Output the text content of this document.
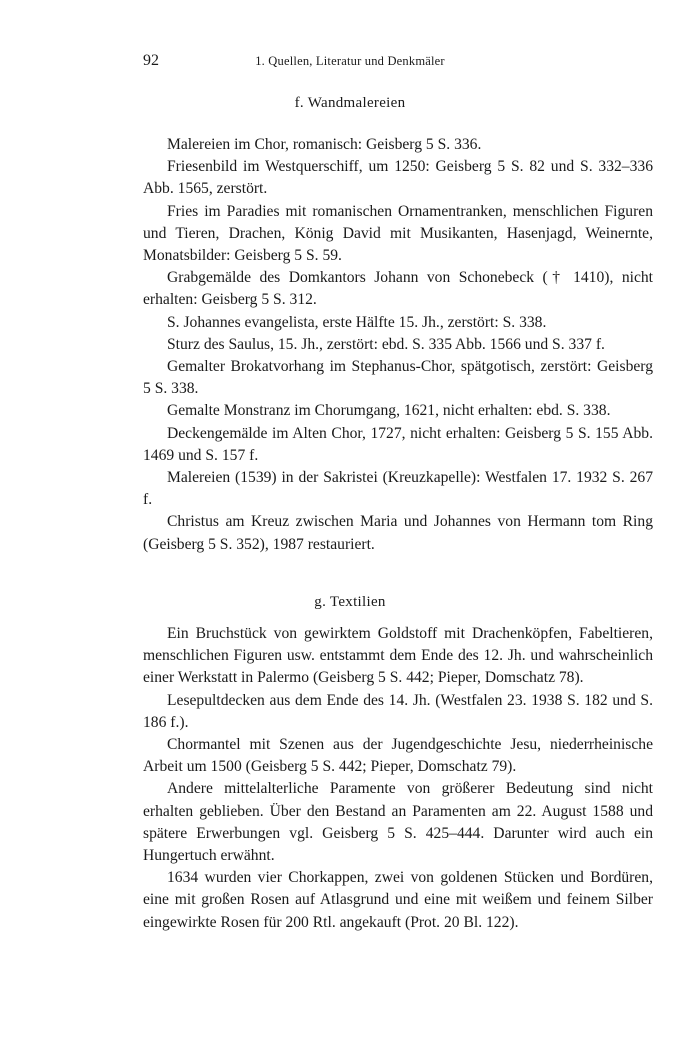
92	1. Quellen, Literatur und Denkmäler
f. Wandmalereien

Malereien im Chor, romanisch: Geisberg 5 S. 336.

Friesenbild im Westquerschiff, um 1250: Geisberg 5 S. 82 und S. 332–336 Abb. 1565, zerstört.

Fries im Paradies mit romanischen Ornamentranken, menschlichen Figuren und Tieren, Drachen, König David mit Musikanten, Hasenjagd, Weinernte, Monatsbilder: Geisberg 5 S. 59.

Grabgemälde des Domkantors Johann von Schonebeck († 1410), nicht erhalten: Geisberg 5 S. 312.

S. Johannes evangelista, erste Hälfte 15. Jh., zerstört: S. 338.

Sturz des Saulus, 15. Jh., zerstört: ebd. S. 335 Abb. 1566 und S. 337 f.

Gemalter Brokatvorhang im Stephanus-Chor, spätgotisch, zerstört: Geisberg 5 S. 338.

Gemalte Monstranz im Chorumgang, 1621, nicht erhalten: ebd. S. 338.

Deckengemälde im Alten Chor, 1727, nicht erhalten: Geisberg 5 S. 155 Abb. 1469 und S. 157 f.

Malereien (1539) in der Sakristei (Kreuzkapelle): Westfalen 17. 1932 S. 267 f.

Christus am Kreuz zwischen Maria und Johannes von Hermann tom Ring (Geisberg 5 S. 352), 1987 restauriert.

g. Textilien

Ein Bruchstück von gewirktem Goldstoff mit Drachenköpfen, Fabeltieren, menschlichen Figuren usw. entstammt dem Ende des 12. Jh. und wahrscheinlich einer Werkstatt in Palermo (Geisberg 5 S. 442; Pieper, Domschatz 78).

Lesepultdecken aus dem Ende des 14. Jh. (Westfalen 23. 1938 S. 182 und S. 186 f.).

Chormantel mit Szenen aus der Jugendgeschichte Jesu, niederrheinische Arbeit um 1500 (Geisberg 5 S. 442; Pieper, Domschatz 79).

Andere mittelalterliche Paramente von größerer Bedeutung sind nicht erhalten geblieben. Über den Bestand an Paramenten am 22. August 1588 und spätere Erwerbungen vgl. Geisberg 5 S. 425–444. Darunter wird auch ein Hungertuch erwähnt.

1634 wurden vier Chorkappen, zwei von goldenen Stücken und Bordüren, eine mit großen Rosen auf Atlasgrund und eine mit weißem und feinem Silber eingewirkte Rosen für 200 Rtl. angekauft (Prot. 20 Bl. 122).
